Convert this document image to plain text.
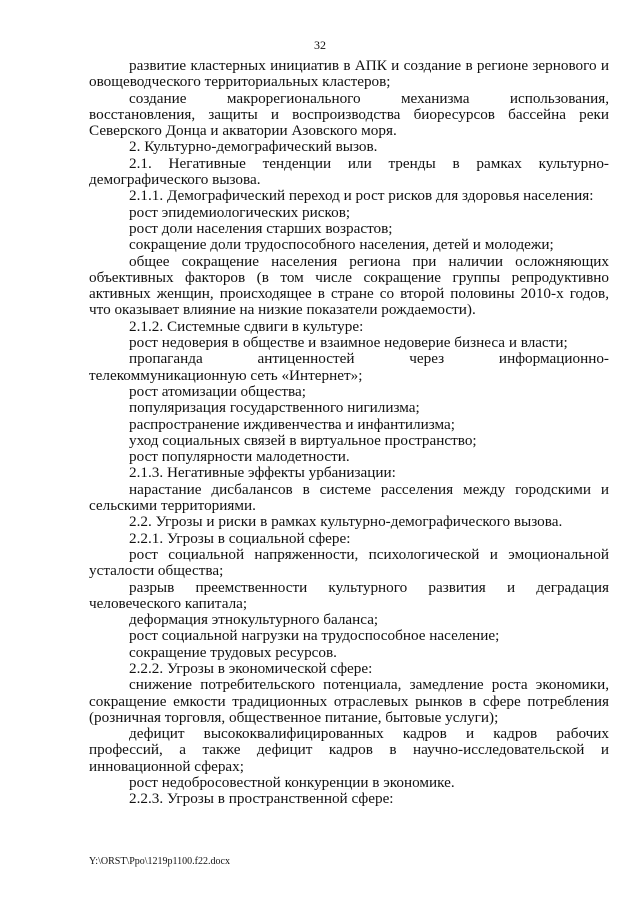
32

развитие кластерных инициатив в АПК и создание в регионе зернового и овощеводческого территориальных кластеров;

создание макрорегионального механизма использования, восстановления, защиты и воспроизводства биоресурсов бассейна реки Северского Донца и акватории Азовского моря.

2. Культурно-демографический вызов.

2.1. Негативные тенденции или тренды в рамках культурно-демографического вызова.

2.1.1. Демографический переход и рост рисков для здоровья населения:

рост эпидемиологических рисков;

рост доли населения старших возрастов;

сокращение доли трудоспособного населения, детей и молодежи;

общее сокращение населения региона при наличии осложняющих объективных факторов (в том числе сокращение группы репродуктивно активных женщин, происходящее в стране со второй половины 2010-х годов, что оказывает влияние на низкие показатели рождаемости).

2.1.2. Системные сдвиги в культуре:

рост недоверия в обществе и взаимное недоверие бизнеса и власти;

пропаганда антиценностей через информационно-телекоммуникационную сеть «Интернет»;

рост атомизации общества;

популяризация государственного нигилизма;

распространение иждивенчества и инфантилизма;

уход социальных связей в виртуальное пространство;

рост популярности малодетности.

2.1.3. Негативные эффекты урбанизации:

нарастание дисбалансов в системе расселения между городскими и сельскими территориями.

2.2. Угрозы и риски в рамках культурно-демографического вызова.

2.2.1. Угрозы в социальной сфере:

рост социальной напряженности, психологической и эмоциональной усталости общества;

разрыв преемственности культурного развития и деградация человеческого капитала;

деформация этнокультурного баланса;

рост социальной нагрузки на трудоспособное население;

сокращение трудовых ресурсов.

2.2.2. Угрозы в экономической сфере:

снижение потребительского потенциала, замедление роста экономики, сокращение емкости традиционных отраслевых рынков в сфере потребления (розничная торговля, общественное питание, бытовые услуги);

дефицит высококвалифицированных кадров и кадров рабочих профессий, а также дефицит кадров в научно-исследовательской и инновационной сферах;

рост недобросовестной конкуренции в экономике.

2.2.3. Угрозы в пространственной сфере:

Y:\ORST\Ppo\1219p1100.f22.docx
